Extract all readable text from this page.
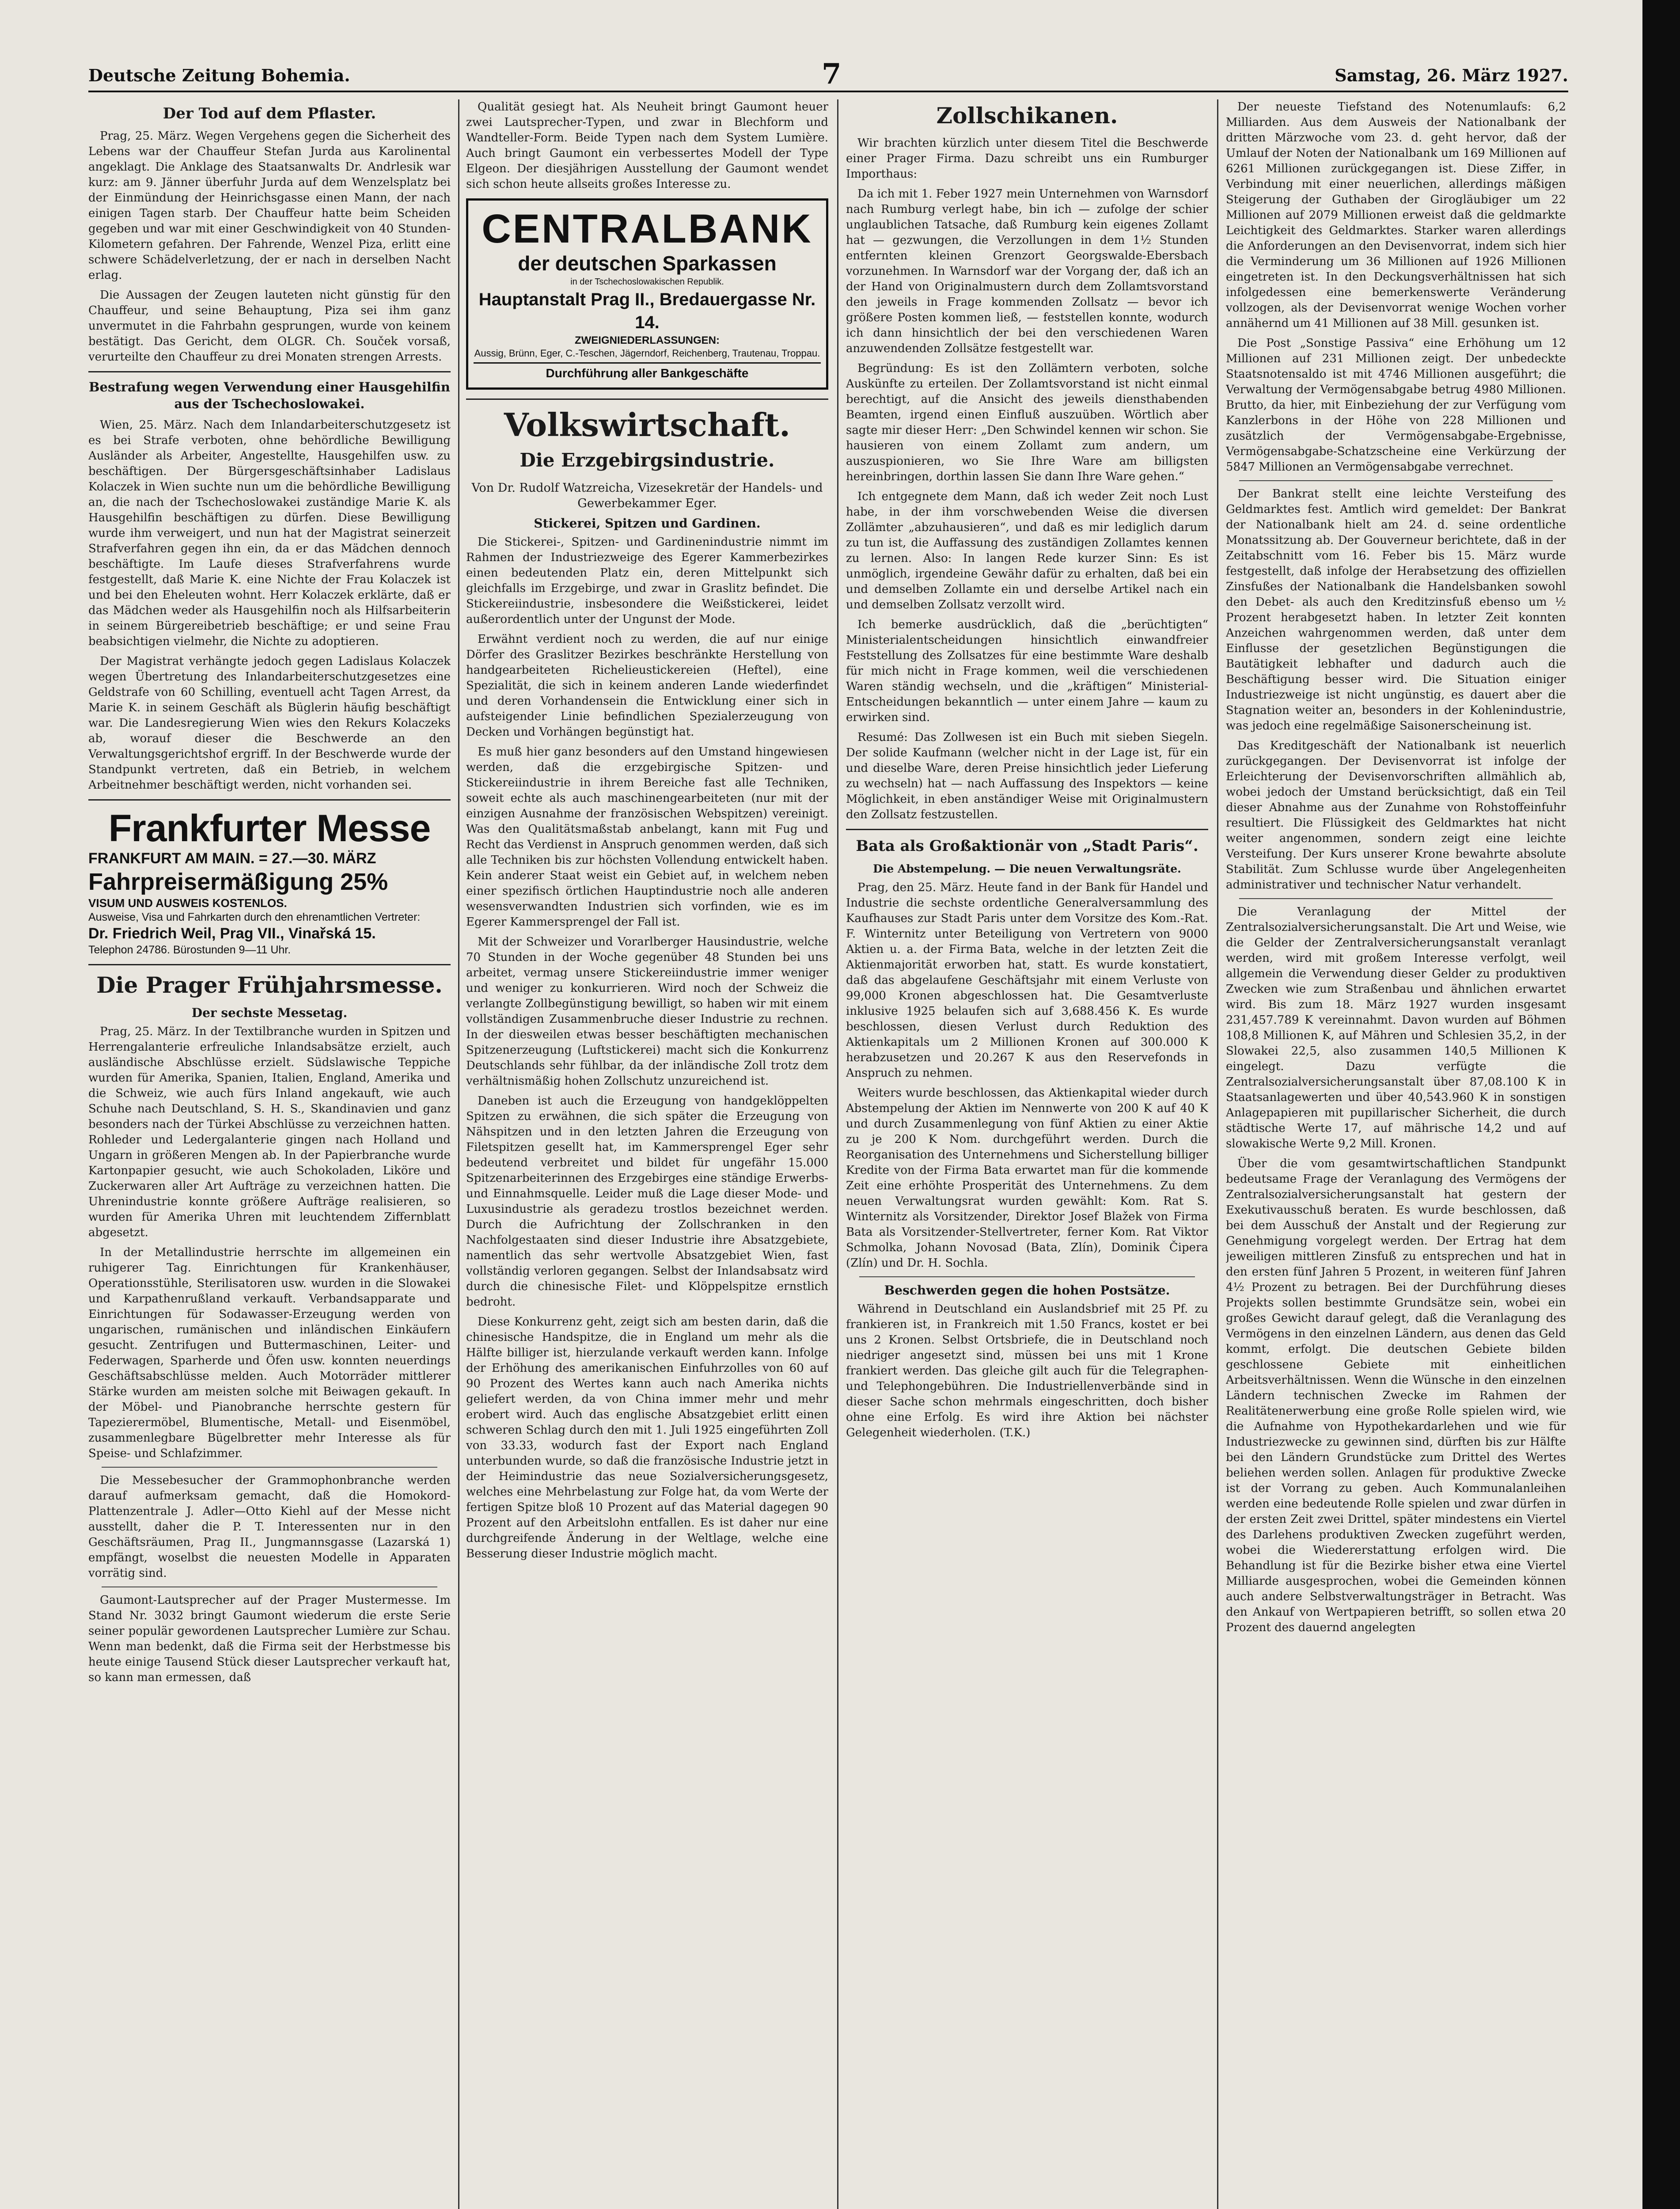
Deutsche Zeitung Bohemia.	7	Samstag, 26. März 1927.
Der Tod auf dem Pflaster.

Prag, 25. März. Wegen Vergehens gegen die Sicherheit des Lebens war der Chauffeur Stefan Jurda aus Karolinental angeklagt. Die Anklage des Staatsanwalts Dr. Andrlesik war kurz: am 9. Jänner überfuhr Jurda auf dem Wenzelsplatz bei der Einmündung der Heinrichsgasse einen Mann, der nach einigen Tagen starb. Der Chauffeur hatte beim Scheiden gegeben und war mit einer Geschwindigkeit von 40 Stunden-Kilometern gefahren. Der Fahrende, Wenzel Piza, erlitt eine schwere Schädelverletzung, der er nach in derselben Nacht erlag.

Die Aussagen der Zeugen lauteten nicht günstig für den Chauffeur, und seine Behauptung, Piza sei ihm ganz unvermutet in die Fahrbahn gesprungen, wurde von keinem bestätigt. Das Gericht, dem OLGR. Ch. Souček vorsaß, verurteilte den Chauffeur zu drei Monaten strengen Arrests.

Bestrafung wegen Verwendung einer Hausgehilfin aus der Tschechoslowakei.

Wien, 25. März. Nach dem Inlandarbeiterschutzgesetz ist es bei Strafe verboten, ohne behördliche Bewilligung Ausländer als Arbeiter, Angestellte, Hausgehilfen usw. zu beschäftigen. Der Bürgersgeschäftsinhaber Ladislaus Kolaczek in Wien suchte nun um die behördliche Bewilligung an, die nach der Tschechoslowakei zuständige Marie K. als Hausgehilfin beschäftigen zu dürfen. Diese Bewilligung wurde ihm verweigert, und nun hat der Magistrat seinerzeit Strafverfahren gegen ihn ein, da er das Mädchen dennoch beschäftigte. Im Laufe dieses Strafverfahrens wurde festgestellt, daß Marie K. eine Nichte der Frau Kolaczek ist und bei den Eheleuten wohnt. Herr Kolaczek erklärte, daß er das Mädchen weder als Hausgehilfin noch als Hilfsarbeiterin in seinem Bürgereibetrieb beschäftige; er und seine Frau beabsichtigen vielmehr, die Nichte zu adoptieren.

Der Magistrat verhängte jedoch gegen Ladislaus Kolaczek wegen Übertretung des Inlandarbeiterschutzgesetzes eine Geldstrafe von 60 Schilling, eventuell acht Tagen Arrest, da Marie K. in seinem Geschäft als Büglerin häufig beschäftigt war. Die Landesregierung Wien wies den Rekurs Kolaczeks ab, worauf dieser die Beschwerde an den Verwaltungsgerichtshof ergriff. In der Beschwerde wurde der Standpunkt vertreten, daß ein Betrieb, in welchem Arbeitnehmer beschäftigt werden, nicht vorhanden sei.

Frankfurter Messe
FRANKFURT AM MAIN. = 27.—30. MÄRZ
Fahrpreisermäßigung 25%
VISUM UND AUSWEIS KOSTENLOS.
Ausweise, Visa und Fahrkarten durch den ehrenamtlichen Vertreter:
Dr. Friedrich Weil, Prag VII., Vinařská 15.
Telephon 24786. Bürostunden 9—11 Uhr.
Die Prager Frühjahrsmesse.
Der sechste Messetag.

Prag, 25. März. In der Textilbranche wurden in Spitzen und Herrengalanterie erfreuliche Inlandsabsätze erzielt, auch ausländische Abschlüsse erzielt. Südslawische Teppiche wurden für Amerika, Spanien, Italien, England, Amerika und die Schweiz, wie auch fürs Inland angekauft, wie auch Schuhe nach Deutschland, S. H. S., Skandinavien und ganz besonders nach der Türkei Abschlüsse zu verzeichnen hatten. Rohleder und Ledergalanterie gingen nach Holland und Ungarn in größeren Mengen ab. In der Papierbranche wurde Kartonpapier gesucht, wie auch Schokoladen, Liköre und Zuckerwaren aller Art Aufträge zu verzeichnen hatten. Die Uhrenindustrie konnte größere Aufträge realisieren, so wurden für Amerika Uhren mit leuchtendem Ziffernblatt abgesetzt.

In der Metallindustrie herrschte im allgemeinen ein ruhigerer Tag. Einrichtungen für Krankenhäuser, Operationsstühle, Sterilisatoren usw. wurden in die Slowakei und Karpathenrußland verkauft. Verbandsapparate und Einrichtungen für Sodawasser-Erzeugung werden von ungarischen, rumänischen und inländischen Einkäufern gesucht. Zentrifugen und Buttermaschinen, Leiter- und Federwagen, Sparherde und Öfen usw. konnten neuerdings Geschäftsabschlüsse melden. Auch Motorräder mittlerer Stärke wurden am meisten solche mit Beiwagen gekauft. In der Möbel- und Pianobranche herrschte gestern für Tapezierermöbel, Blumentische, Metall- und Eisenmöbel, zusammenlegbare Bügelbretter mehr Interesse als für Speise- und Schlafzimmer.

Die Messebesucher der Grammophonbranche werden darauf aufmerksam gemacht, daß die Homokord-Plattenzentrale J. Adler—Otto Kiehl auf der Messe nicht ausstellt, daher die P. T. Interessenten nur in den Geschäftsräumen, Prag II., Jungmannsgasse (Lazarská 1) empfängt, woselbst die neuesten Modelle in Apparaten vorrätig sind.

Gaumont-Lautsprecher auf der Prager Mustermesse. Im Stand Nr. 3032 bringt Gaumont wiederum die erste Serie seiner populär gewordenen Lautsprecher Lumière zur Schau. Wenn man bedenkt, daß die Firma seit der Herbstmesse bis heute einige Tausend Stück dieser Lautsprecher verkauft hat, so kann man ermessen, daß

Qualität gesiegt hat. Als Neuheit bringt Gaumont heuer zwei Lautsprecher-Typen, und zwar in Blechform und Wandteller-Form. Beide Typen nach dem System Lumière. Auch bringt Gaumont ein verbessertes Modell der Type Elgeon. Der diesjährigen Ausstellung der Gaumont wendet sich schon heute allseits großes Interesse zu.

CENTRALBANK
der deutschen Sparkassen
in der Tschechoslowakischen Republik.
Hauptanstalt Prag II., Bredauergasse Nr. 14.
ZWEIGNIEDERLASSUNGEN:
Aussig, Brünn, Eger, C.-Teschen, Jägerndorf, Reichenberg, Trautenau, Troppau.
Durchführung aller Bankgeschäfte
Volkswirtschaft.
Die Erzgebirgsindustrie.
Von Dr. Rudolf Watzreicha, Vizesekretär der Handels- und Gewerbekammer Eger.
Stickerei, Spitzen und Gardinen.

Die Stickerei-, Spitzen- und Gardinenindustrie nimmt im Rahmen der Industriezweige des Egerer Kammerbezirkes einen bedeutenden Platz ein, deren Mittelpunkt sich gleichfalls im Erzgebirge, und zwar in Graslitz befindet. Die Stickereiindustrie, insbesondere die Weißstickerei, leidet außerordentlich unter der Ungunst der Mode.

Erwähnt verdient noch zu werden, die auf nur einige Dörfer des Graslitzer Bezirkes beschränkte Herstellung von handgearbeiteten Richelieustickereien (Heftel), eine Spezialität, die sich in keinem anderen Lande wiederfindet und deren Vorhandensein die Entwicklung einer sich in aufsteigender Linie befindlichen Spezialerzeugung von Decken und Vorhängen begünstigt hat.

Es muß hier ganz besonders auf den Umstand hingewiesen werden, daß die erzgebirgische Spitzen- und Stickereiindustrie in ihrem Bereiche fast alle Techniken, soweit echte als auch maschinengearbeiteten (nur mit der einzigen Ausnahme der französischen Webspitzen) vereinigt. Was den Qualitätsmaßstab anbelangt, kann mit Fug und Recht das Verdienst in Anspruch genommen werden, daß sich alle Techniken bis zur höchsten Vollendung entwickelt haben. Kein anderer Staat weist ein Gebiet auf, in welchem neben einer spezifisch örtlichen Hauptindustrie noch alle anderen wesensverwandten Industrien sich vorfinden, wie es im Egerer Kammersprengel der Fall ist.

Mit der Schweizer und Vorarlberger Hausindustrie, welche 70 Stunden in der Woche gegenüber 48 Stunden bei uns arbeitet, vermag unsere Stickereiindustrie immer weniger und weniger zu konkurrieren. Wird noch der Schweiz die verlangte Zollbegünstigung bewilligt, so haben wir mit einem vollständigen Zusammenbruche dieser Industrie zu rechnen. In der diesweilen etwas besser beschäftigten mechanischen Spitzenerzeugung (Luftstickerei) macht sich die Konkurrenz Deutschlands sehr fühlbar, da der inländische Zoll trotz dem verhältnismäßig hohen Zollschutz unzureichend ist.

Daneben ist auch die Erzeugung von handgeklöppelten Spitzen zu erwähnen, die sich später die Erzeugung von Nähspitzen und in den letzten Jahren die Erzeugung von Filetspitzen gesellt hat, im Kammersprengel Eger sehr bedeutend verbreitet und bildet für ungefähr 15.000 Spitzenarbeiterinnen des Erzgebirges eine ständige Erwerbs- und Einnahmsquelle. Leider muß die Lage dieser Mode- und Luxusindustrie als geradezu trostlos bezeichnet werden. Durch die Aufrichtung der Zollschranken in den Nachfolgestaaten sind dieser Industrie ihre Absatzgebiete, namentlich das sehr wertvolle Absatzgebiet Wien, fast vollständig verloren gegangen. Selbst der Inlandsabsatz wird durch die chinesische Filet- und Klöppelspitze ernstlich bedroht.

Diese Konkurrenz geht, zeigt sich am besten darin, daß die chinesische Handspitze, die in England um mehr als die Hälfte billiger ist, hierzulande verkauft werden kann. Infolge der Erhöhung des amerikanischen Einfuhrzolles von 60 auf 90 Prozent des Wertes kann auch nach Amerika nichts geliefert werden, da von China immer mehr und mehr erobert wird. Auch das englische Absatzgebiet erlitt einen schweren Schlag durch den mit 1. Juli 1925 eingeführten Zoll von 33.33, wodurch fast der Export nach England unterbunden wurde, so daß die französische Industrie jetzt in der Heimindustrie das neue Sozialversicherungsgesetz, welches eine Mehrbelastung zur Folge hat, da vom Werte der fertigen Spitze bloß 10 Prozent auf das Material dagegen 90 Prozent auf den Arbeitslohn entfallen. Es ist daher nur eine durchgreifende Änderung in der Weltlage, welche eine Besserung dieser Industrie möglich macht.

Zollschikanen.

Wir brachten kürzlich unter diesem Titel die Beschwerde einer Prager Firma. Dazu schreibt uns ein Rumburger Importhaus:

Da ich mit 1. Feber 1927 mein Unternehmen von Warnsdorf nach Rumburg verlegt habe, bin ich — zufolge der schier unglaublichen Tatsache, daß Rumburg kein eigenes Zollamt hat — gezwungen, die Verzollungen in dem 1½ Stunden entfernten kleinen Grenzort Georgswalde-Ebersbach vorzunehmen. In Warnsdorf war der Vorgang der, daß ich an der Hand von Originalmustern durch dem Zollamtsvorstand den jeweils in Frage kommenden Zollsatz — bevor ich größere Posten kommen ließ, — feststellen konnte, wodurch ich dann hinsichtlich der bei den verschiedenen Waren anzuwendenden Zollsätze festgestellt war.

Begründung: Es ist den Zollämtern verboten, solche Auskünfte zu erteilen. Der Zollamtsvorstand ist nicht einmal berechtigt, auf die Ansicht des jeweils diensthabenden Beamten, irgend einen Einfluß auszuüben. Wörtlich aber sagte mir dieser Herr: „Den Schwindel kennen wir schon. Sie hausieren von einem Zollamt zum andern, um auszuspionieren, wo Sie Ihre Ware am billigsten hereinbringen, dorthin lassen Sie dann Ihre Ware gehen.“

Ich entgegnete dem Mann, daß ich weder Zeit noch Lust habe, in der ihm vorschwebenden Weise die diversen Zollämter „abzuhausieren“, und daß es mir lediglich darum zu tun ist, die Auffassung des zuständigen Zollamtes kennen zu lernen. Also: In langen Rede kurzer Sinn: Es ist unmöglich, irgendeine Gewähr dafür zu erhalten, daß bei ein und demselben Zollamte ein und derselbe Artikel nach ein und demselben Zollsatz verzollt wird.

Ich bemerke ausdrücklich, daß die „berüchtigten“ Ministerialentscheidungen hinsichtlich einwandfreier Feststellung des Zollsatzes für eine bestimmte Ware deshalb für mich nicht in Frage kommen, weil die verschiedenen Waren ständig wechseln, und die „kräftigen“ Ministerial-Entscheidungen bekanntlich — unter einem Jahre — kaum zu erwirken sind.

Resumé: Das Zollwesen ist ein Buch mit sieben Siegeln. Der solide Kaufmann (welcher nicht in der Lage ist, für ein und dieselbe Ware, deren Preise hinsichtlich jeder Lieferung zu wechseln) hat — nach Auffassung des Inspektors — keine Möglichkeit, in eben anständiger Weise mit Originalmustern den Zollsatz festzustellen.

Bata als Großaktionär von „Stadt Paris“.
Die Abstempelung. — Die neuen Verwaltungsräte.

Prag, den 25. März. Heute fand in der Bank für Handel und Industrie die sechste ordentliche Generalversammlung des Kaufhauses zur Stadt Paris unter dem Vorsitze des Kom.-Rat. F. Winternitz unter Beteiligung von Vertretern von 9000 Aktien u. a. der Firma Bata, welche in der letzten Zeit die Aktienmajorität erworben hat, statt. Es wurde konstatiert, daß das abgelaufene Geschäftsjahr mit einem Verluste von 99,000 Kronen abgeschlossen hat. Die Gesamtverluste inklusive 1925 belaufen sich auf 3,688.456 K. Es wurde beschlossen, diesen Verlust durch Reduktion des Aktienkapitals um 2 Millionen Kronen auf 300.000 K herabzusetzen und 20.267 K aus den Reservefonds in Anspruch zu nehmen.

Weiters wurde beschlossen, das Aktienkapital wieder durch Abstempelung der Aktien im Nennwerte von 200 K auf 40 K und durch Zusammenlegung von fünf Aktien zu einer Aktie zu je 200 K Nom. durchgeführt werden. Durch die Reorganisation des Unternehmens und Sicherstellung billiger Kredite von der Firma Bata erwartet man für die kommende Zeit eine erhöhte Prosperität des Unternehmens. Zu dem neuen Verwaltungsrat wurden gewählt: Kom. Rat S. Winternitz als Vorsitzender, Direktor Josef Blažek von Firma Bata als Vorsitzender-Stellvertreter, ferner Kom. Rat Viktor Schmolka, Johann Novosad (Bata, Zlín), Dominik Čipera (Zlín) und Dr. H. Sochla.

Beschwerden gegen die hohen Postsätze.

Während in Deutschland ein Auslandsbrief mit 25 Pf. zu frankieren ist, in Frankreich mit 1.50 Francs, kostet er bei uns 2 Kronen. Selbst Ortsbriefe, die in Deutschland noch niedriger angesetzt sind, müssen bei uns mit 1 Krone frankiert werden. Das gleiche gilt auch für die Telegraphen- und Telephongebühren. Die Industriellenverbände sind in dieser Sache schon mehrmals eingeschritten, doch bisher ohne eine Erfolg. Es wird ihre Aktion bei nächster Gelegenheit wiederholen. (T.K.)

Der neueste Tiefstand des Notenumlaufs: 6,2 Milliarden. Aus dem Ausweis der Nationalbank der dritten Märzwoche vom 23. d. geht hervor, daß der Umlauf der Noten der Nationalbank um 169 Millionen auf 6261 Millionen zurückgegangen ist. Diese Ziffer, in Verbindung mit einer neuerlichen, allerdings mäßigen Steigerung der Guthaben der Girogläubiger um 22 Millionen auf 2079 Millionen erweist daß die geldmarkte Leichtigkeit des Geldmarktes. Starker waren allerdings die Anforderungen an den Devisenvorrat, indem sich hier die Verminderung um 36 Millionen auf 1926 Millionen eingetreten ist. In den Deckungsverhältnissen hat sich infolgedessen eine bemerkenswerte Veränderung vollzogen, als der Devisenvorrat wenige Wochen vorher annähernd um 41 Millionen auf 38 Mill. gesunken ist.

Die Post „Sonstige Passiva“ eine Erhöhung um 12 Millionen auf 231 Millionen zeigt. Der unbedeckte Staatsnotensaldo ist mit 4746 Millionen ausgeführt; die Verwaltung der Vermögensabgabe betrug 4980 Millionen. Brutto, da hier, mit Einbeziehung der zur Verfügung vom Kanzlerbons in der Höhe von 228 Millionen und zusätzlich der Vermögensabgabe-Ergebnisse, Vermögensabgabe-Schatzscheine eine Verkürzung der 5847 Millionen an Vermögensabgabe verrechnet.

Der Bankrat stellt eine leichte Versteifung des Geldmarktes fest. Amtlich wird gemeldet: Der Bankrat der Nationalbank hielt am 24. d. seine ordentliche Monatssitzung ab. Der Gouverneur berichtete, daß in der Zeitabschnitt vom 16. Feber bis 15. März wurde festgestellt, daß infolge der Herabsetzung des offiziellen Zinsfußes der Nationalbank die Handelsbanken sowohl den Debet- als auch den Kreditzinsfuß ebenso um ½ Prozent herabgesetzt haben. In letzter Zeit konnten Anzeichen wahrgenommen werden, daß unter dem Einflusse der gesetzlichen Begünstigungen die Bautätigkeit lebhafter und dadurch auch die Beschäftigung besser wird. Die Situation einiger Industriezweige ist nicht ungünstig, es dauert aber die Stagnation weiter an, besonders in der Kohlenindustrie, was jedoch eine regelmäßige Saisonerscheinung ist.

Das Kreditgeschäft der Nationalbank ist neuerlich zurückgegangen. Der Devisenvorrat ist infolge der Erleichterung der Devisenvorschriften allmählich ab, wobei jedoch der Umstand berücksichtigt, daß ein Teil dieser Abnahme aus der Zunahme von Rohstoffeinfuhr resultiert. Die Flüssigkeit des Geldmarktes hat nicht weiter angenommen, sondern zeigt eine leichte Versteifung. Der Kurs unserer Krone bewahrte absolute Stabilität. Zum Schlusse wurde über Angelegenheiten administrativer und technischer Natur verhandelt.

Die Veranlagung der Mittel der Zentralsozialversicherungsanstalt. Die Art und Weise, wie die Gelder der Zentralversicherungsanstalt veranlagt werden, wird mit großem Interesse verfolgt, weil allgemein die Verwendung dieser Gelder zu produktiven Zwecken wie zum Straßenbau und ähnlichen erwartet wird. Bis zum 18. März 1927 wurden insgesamt 231,457.789 K vereinnahmt. Davon wurden auf Böhmen 108,8 Millionen K, auf Mähren und Schlesien 35,2, in der Slowakei 22,5, also zusammen 140,5 Millionen K eingelegt. Dazu verfügte die Zentralsozialversicherungsanstalt über 87,08.100 K in Staatsanlagewerten und über 40,543.960 K in sonstigen Anlagepapieren mit pupillarischer Sicherheit, die durch städtische Werte 17, auf mährische 14,2 und auf slowakische Werte 9,2 Mill. Kronen.

Über die vom gesamtwirtschaftlichen Standpunkt bedeutsame Frage der Veranlagung des Vermögens der Zentralsozialversicherungsanstalt hat gestern der Exekutivausschuß beraten. Es wurde beschlossen, daß bei dem Ausschuß der Anstalt und der Regierung zur Genehmigung vorgelegt werden. Der Ertrag hat dem jeweiligen mittleren Zinsfuß zu entsprechen und hat in den ersten fünf Jahren 5 Prozent, in weiteren fünf Jahren 4½ Prozent zu betragen. Bei der Durchführung dieses Projekts sollen bestimmte Grundsätze sein, wobei ein großes Gewicht darauf gelegt, daß die Veranlagung des Vermögens in den einzelnen Ländern, aus denen das Geld kommt, erfolgt. Die deutschen Gebiete bilden geschlossene Gebiete mit einheitlichen Arbeitsverhältnissen. Wenn die Wünsche in den einzelnen Ländern technischen Zwecke im Rahmen der Realitätenerwerbung eine große Rolle spielen wird, wie die Aufnahme von Hypothekardarlehen und wie für Industriezwecke zu gewinnen sind, dürften bis zur Hälfte bei den Ländern Grundstücke zum Drittel des Wertes beliehen werden sollen. Anlagen für produktive Zwecke ist der Vorrang zu geben. Auch Kommunalanleihen werden eine bedeutende Rolle spielen und zwar dürfen in der ersten Zeit zwei Drittel, später mindestens ein Viertel des Darlehens produktiven Zwecken zugeführt werden, wobei die Wiedererstattung erfolgen wird. Die Behandlung ist für die Bezirke bisher etwa eine Viertel Milliarde ausgesprochen, wobei die Gemeinden können auch andere Selbstverwaltungsträger in Betracht. Was den Ankauf von Wertpapieren betrifft, so sollen etwa 20 Prozent des dauernd angelegten
